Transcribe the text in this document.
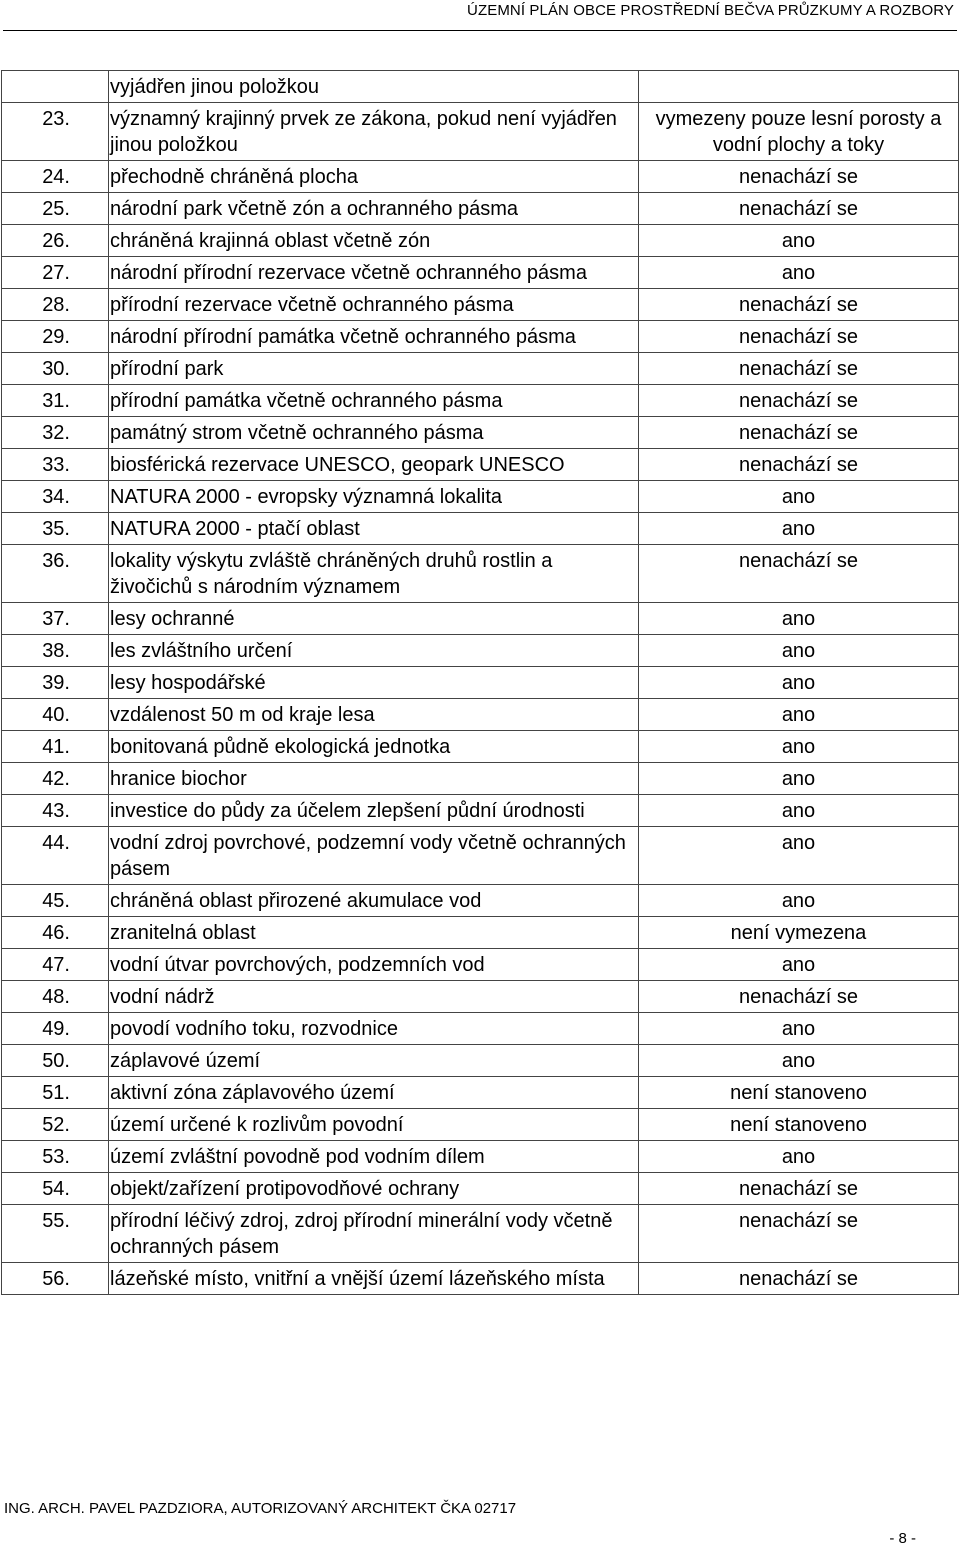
ÚZEMNÍ PLÁN OBCE PROSTŘEDNÍ BEČVA PRŮZKUMY A ROZBORY
	vyjádřen jinou položkou	
23.	významný krajinný prvek ze zákona, pokud není vyjádřen jinou položkou	vymezeny pouze lesní porosty a vodní plochy a toky
24.	přechodně chráněná plocha	nenachází se
25.	národní park včetně zón a ochranného pásma	nenachází se
26.	chráněná krajinná oblast včetně zón	ano
27.	národní přírodní rezervace včetně ochranného pásma	ano
28.	přírodní rezervace včetně ochranného pásma	nenachází se
29.	národní přírodní památka včetně ochranného pásma	nenachází se
30.	přírodní park	nenachází se
31.	přírodní památka včetně ochranného pásma	nenachází se
32.	památný strom včetně ochranného pásma	nenachází se
33.	biosférická rezervace UNESCO, geopark UNESCO	nenachází se
34.	NATURA 2000 - evropsky významná lokalita	ano
35.	NATURA 2000 - ptačí oblast	ano
36.	lokality výskytu zvláště chráněných druhů rostlin a živočichů s národním významem	nenachází se
37.	lesy ochranné	ano
38.	les zvláštního určení	ano
39.	lesy hospodářské	ano
40.	vzdálenost 50 m od kraje lesa	ano
41.	bonitovaná půdně ekologická jednotka	ano
42.	hranice biochor	ano
43.	investice do půdy za účelem zlepšení půdní úrodnosti	ano
44.	vodní zdroj povrchové, podzemní vody včetně ochranných pásem	ano
45.	chráněná oblast přirozené akumulace vod	ano
46.	zranitelná oblast	není vymezena
47.	vodní útvar povrchových, podzemních vod	ano
48.	vodní nádrž	nenachází se
49.	povodí vodního toku, rozvodnice	ano
50.	záplavové území	ano
51.	aktivní zóna záplavového území	není stanoveno
52.	území určené k rozlivům povodní	není stanoveno
53.	území zvláštní povodně pod vodním dílem	ano
54.	objekt/zařízení protipovodňové ochrany	nenachází se
55.	přírodní léčivý zdroj, zdroj přírodní minerální vody včetně ochranných pásem	nenachází se
56.	lázeňské místo, vnitřní a vnější území lázeňského místa	nenachází se
ING. ARCH. PAVEL PAZDZIORA, AUTORIZOVANÝ ARCHITEKT ČKA 02717
- 8 -
